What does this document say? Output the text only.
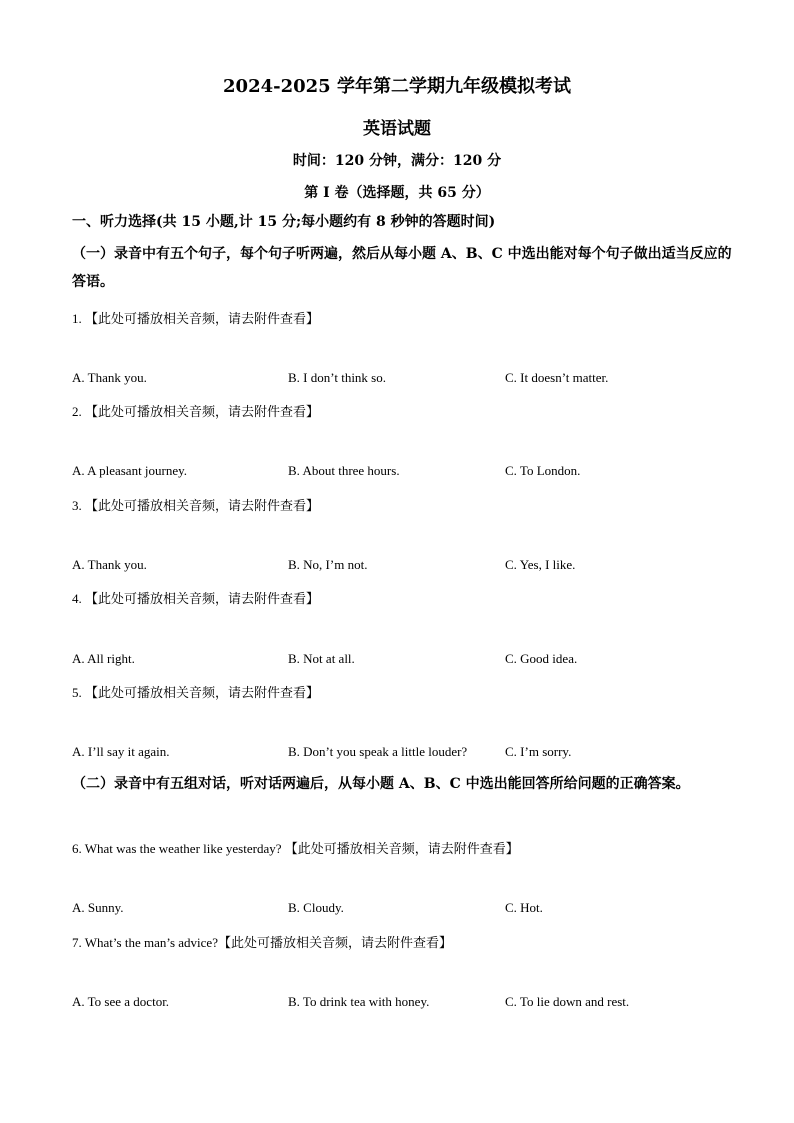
2024-2025 学年第二学期九年级模拟考试
英语试题
时间：120 分钟，满分：120 分
第 I 卷（选择题，共 65 分）
一、听力选择(共 15 小题,计 15 分;每小题约有 8 秒钟的答题时间)
（一）录音中有五个句子，每个句子听两遍，然后从每小题 A、B、C 中选出能对每个句子做出适当反应的答语。
1. 【此处可播放相关音频，请去附件查看】
A. Thank you.	B. I don’t think so.	C. It doesn’t matter.
2. 【此处可播放相关音频，请去附件查看】
A. A pleasant journey.	B. About three hours.	C. To London.
3. 【此处可播放相关音频，请去附件查看】
A. Thank you.	B. No, I’m not.	C. Yes, I like.
4. 【此处可播放相关音频，请去附件查看】
A. All right.	B. Not at all.	C. Good idea.
5. 【此处可播放相关音频，请去附件查看】
A. I’ll say it again.	B. Don’t you speak a little louder?	C. I’m sorry.
（二）录音中有五组对话，听对话两遍后，从每小题 A、B、C 中选出能回答所给问题的正确答案。
6. What was the weather like yesterday? 【此处可播放相关音频，请去附件查看】
A. Sunny.	B. Cloudy.	C. Hot.
7. What’s the man’s advice?【此处可播放相关音频，请去附件查看】
A. To see a doctor.	B. To drink tea with honey.	C. To lie down and rest.
